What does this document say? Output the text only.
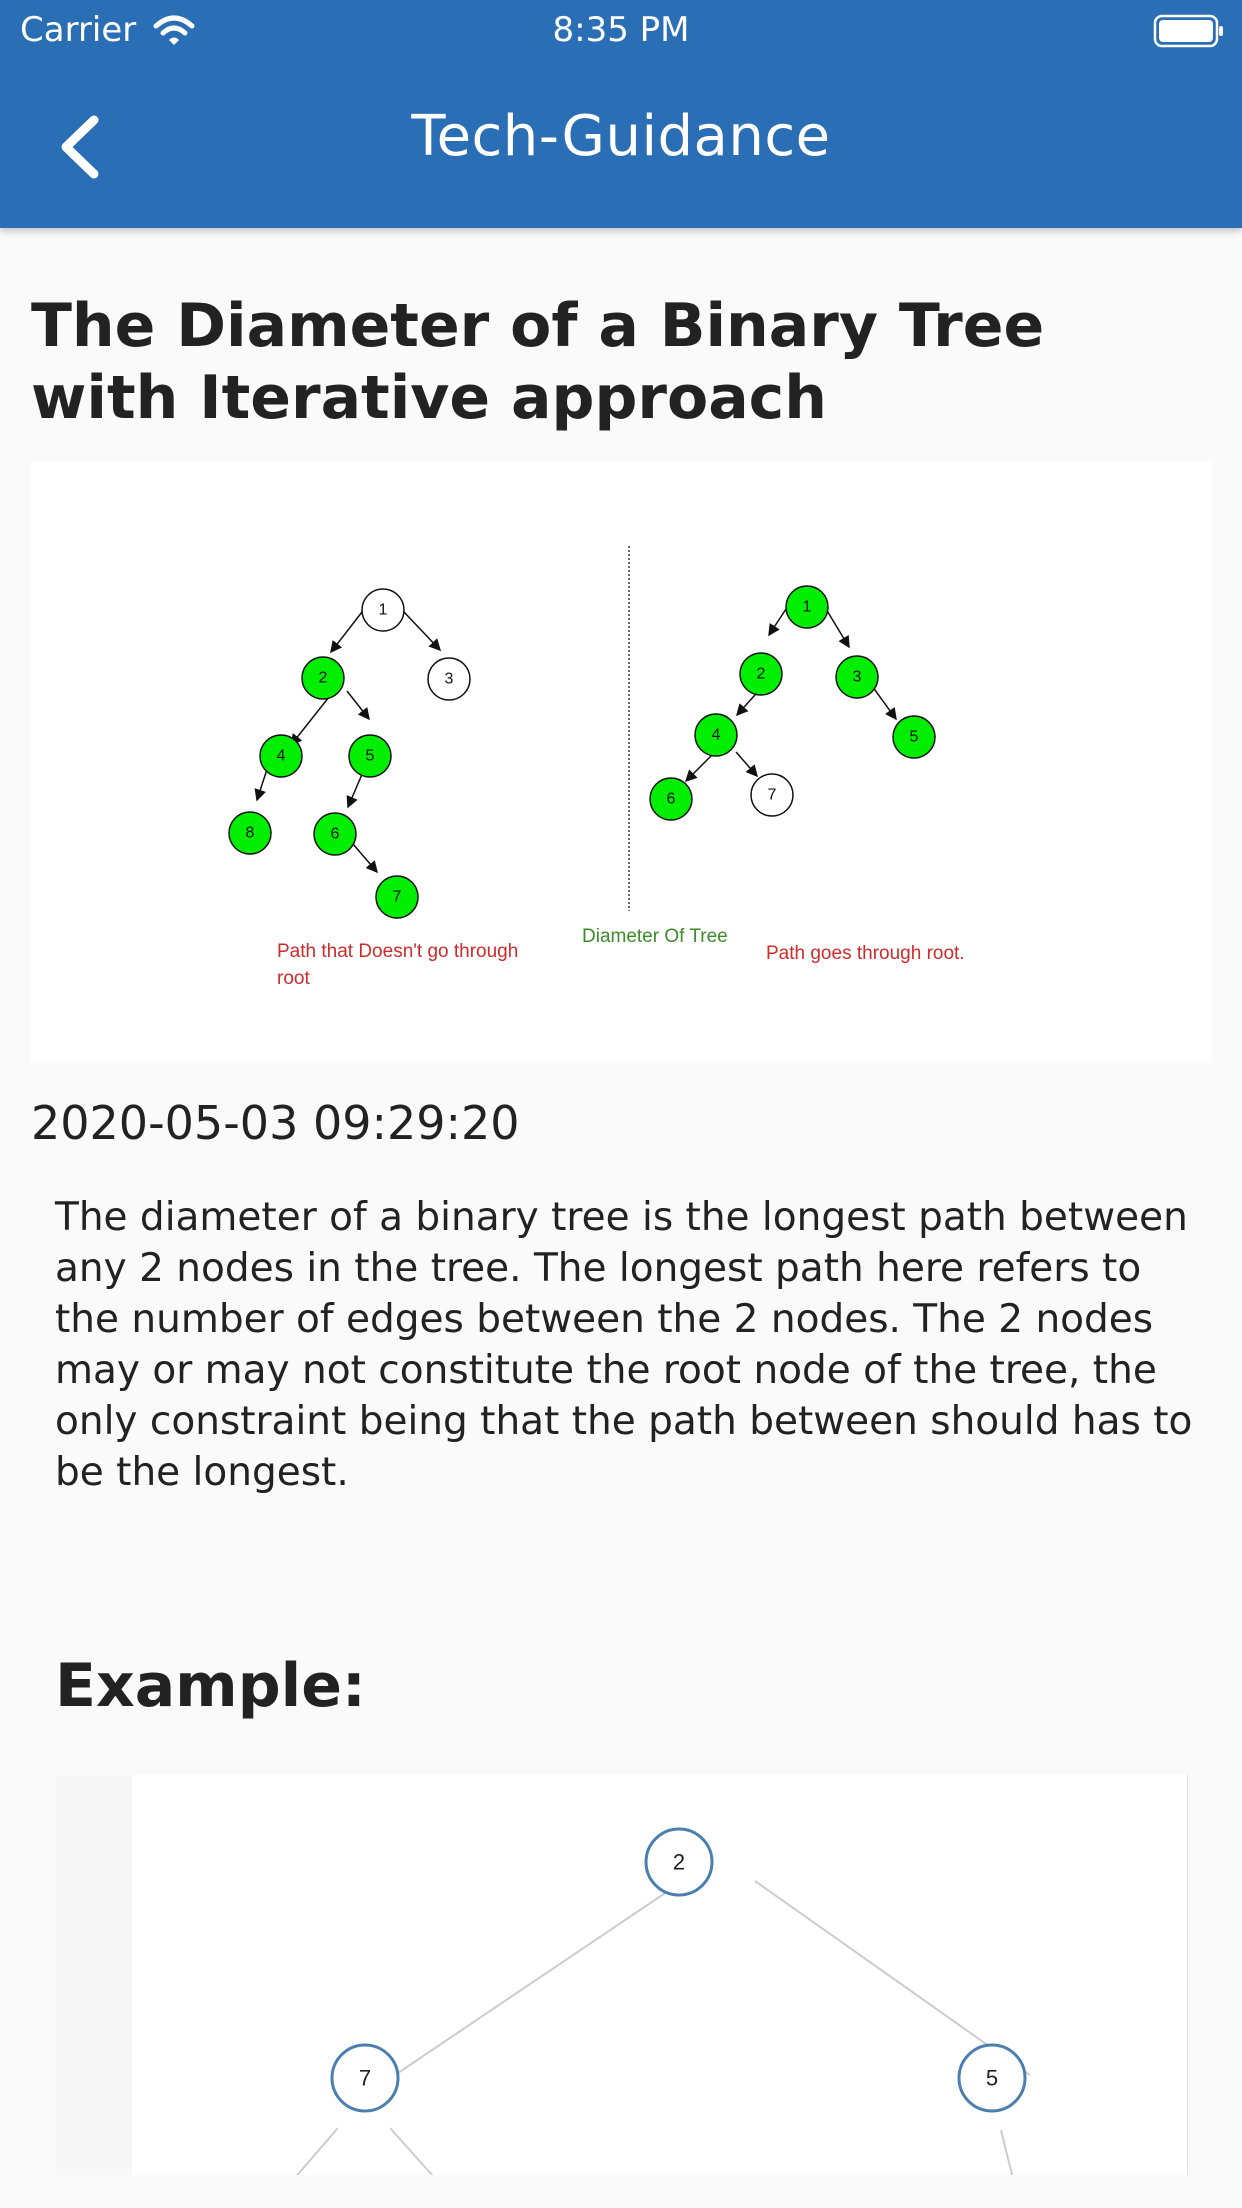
Carrier	8:35 PM
Tech-Guidance
The Diameter of a Binary Tree with Iterative approach
1
2	3
4	5
8	6
7
1
2	3
4	5
6	7
Path that Doesn't go through
root
Diameter Of Tree
Path goes through root.
2020-05-03 09:29:20

The diameter of a binary tree is the longest path between any 2 nodes in the tree. The longest path here refers to the number of edges between the 2 nodes. The 2 nodes may or may not constitute the root node of the tree, the only constraint being that the path between should has to be the longest.

Example:
2
7	5
